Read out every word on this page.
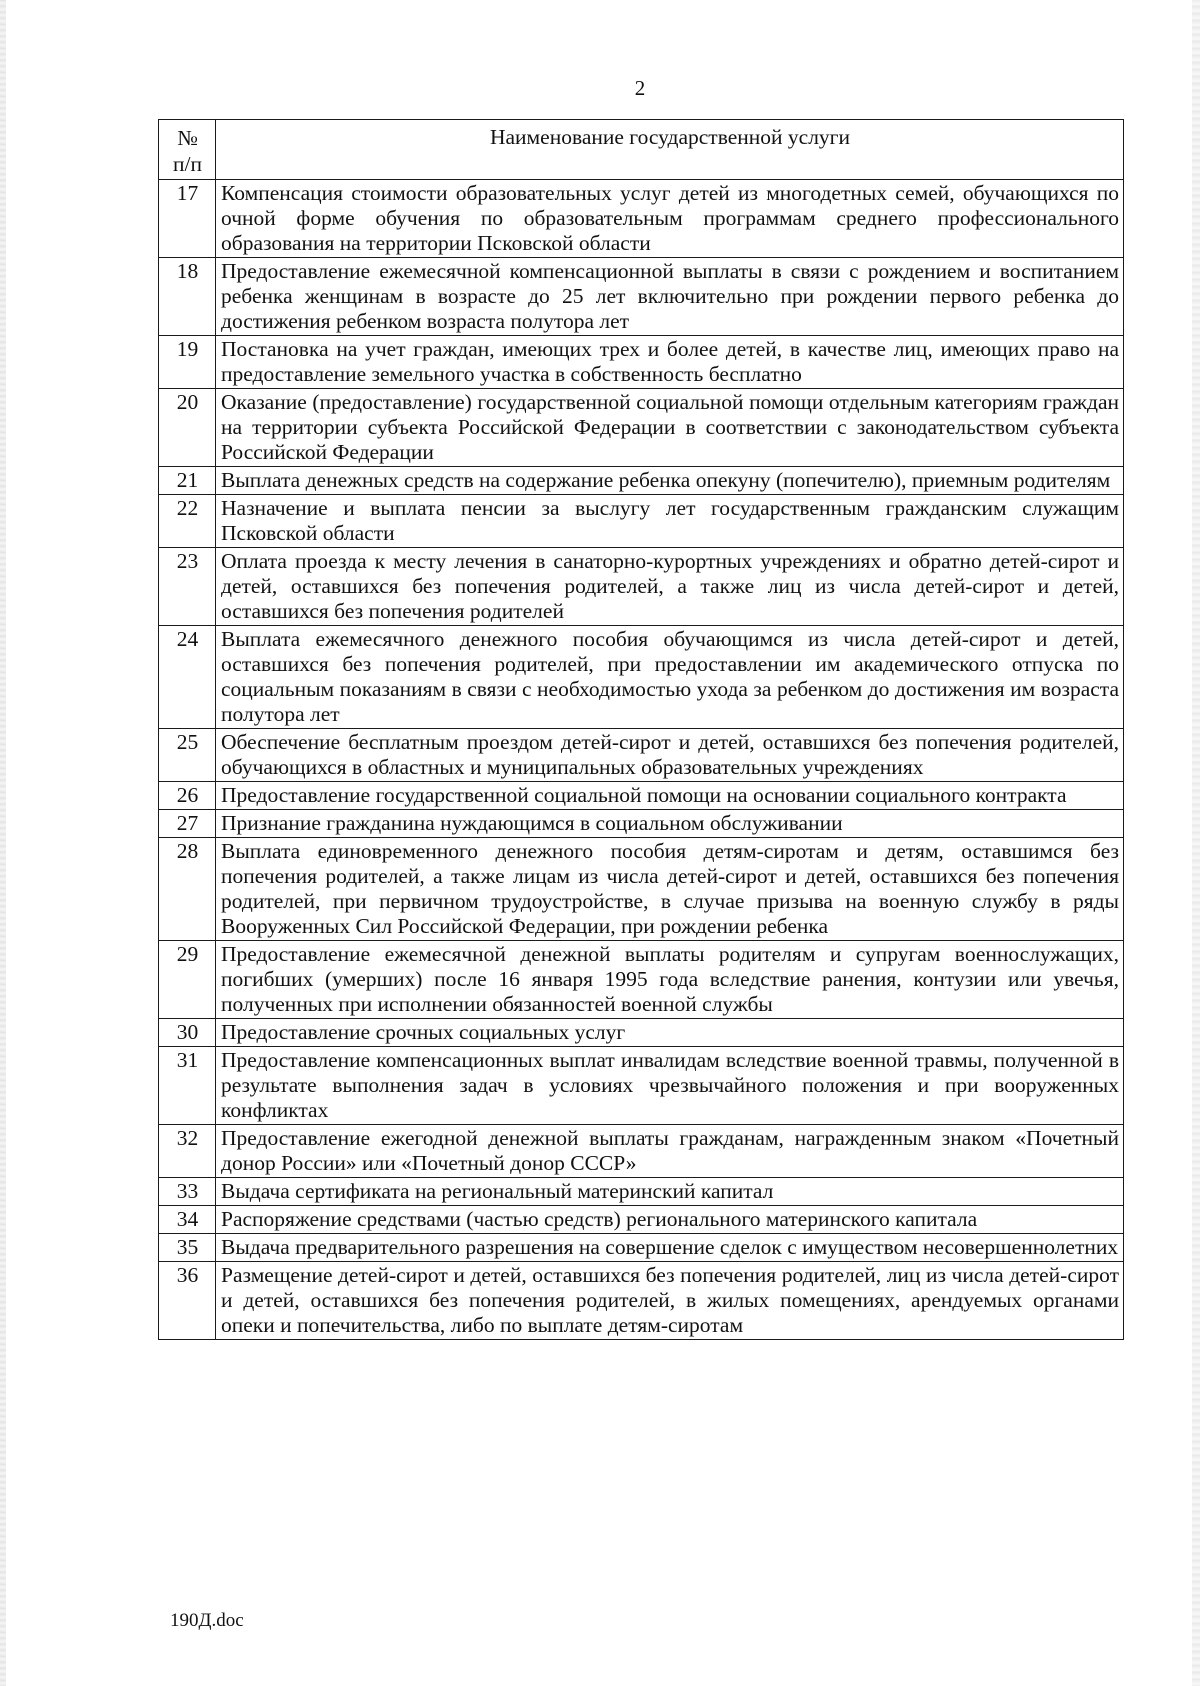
2
№
п/п	Наименование государственной услуги
17	Компенсация стоимости образовательных услуг детей из многодетных семей, обучающихся по очной форме обучения по образовательным программам среднего профессионального образования на территории Псковской области
18	Предоставление ежемесячной компенсационной выплаты в связи с рождением и воспитанием ребенка женщинам в возрасте до 25 лет включительно при рождении первого ребенка до достижения ребенком возраста полутора лет
19	Постановка на учет граждан, имеющих трех и более детей, в качестве лиц, имеющих право на предоставление земельного участка в собственность бесплатно
20	Оказание (предоставление) государственной социальной помощи отдельным категориям граждан на территории субъекта Российской Федерации в соответствии с законодательством субъекта Российской Федерации
21	Выплата денежных средств на содержание ребенка опекуну (попечителю), приемным родителям
22	Назначение и выплата пенсии за выслугу лет государственным гражданским служащим Псковской области
23	Оплата проезда к месту лечения в санаторно-курортных учреждениях и обратно детей-сирот и детей, оставшихся без попечения родителей, а также лиц из числа детей-сирот и детей, оставшихся без попечения родителей
24	Выплата ежемесячного денежного пособия обучающимся из числа детей-сирот и детей, оставшихся без попечения родителей, при предоставлении им академического отпуска по социальным показаниям в связи с необходимостью ухода за ребенком до достижения им возраста полутора лет
25	Обеспечение бесплатным проездом детей-сирот и детей, оставшихся без попечения родителей, обучающихся в областных и муниципальных образовательных учреждениях
26	Предоставление государственной социальной помощи на основании социального контракта
27	Признание гражданина нуждающимся в социальном обслуживании
28	Выплата единовременного денежного пособия детям-сиротам и детям, оставшимся без попечения родителей, а также лицам из числа детей-сирот и детей, оставшихся без попечения родителей, при первичном трудоустройстве, в случае призыва на военную службу в ряды Вооруженных Сил Российской Федерации, при рождении ребенка
29	Предоставление ежемесячной денежной выплаты родителям и супругам военнослужащих, погибших (умерших) после 16 января 1995 года вследствие ранения, контузии или увечья, полученных при исполнении обязанностей военной службы
30	Предоставление срочных социальных услуг
31	Предоставление компенсационных выплат инвалидам вследствие военной травмы, полученной в результате выполнения задач в условиях чрезвычайного положения и при вооруженных конфликтах
32	Предоставление ежегодной денежной выплаты гражданам, награжденным знаком «Почетный донор России» или «Почетный донор СССР»
33	Выдача сертификата на региональный материнский капитал
34	Распоряжение средствами (частью средств) регионального материнского капитала
35	Выдача предварительного разрешения на совершение сделок с имуществом несовершеннолетних
36	Размещение детей-сирот и детей, оставшихся без попечения родителей, лиц из числа детей-сирот и детей, оставшихся без попечения родителей, в жилых помещениях, арендуемых органами опеки и попечительства, либо по выплате детям-сиротам
190Д.doc
